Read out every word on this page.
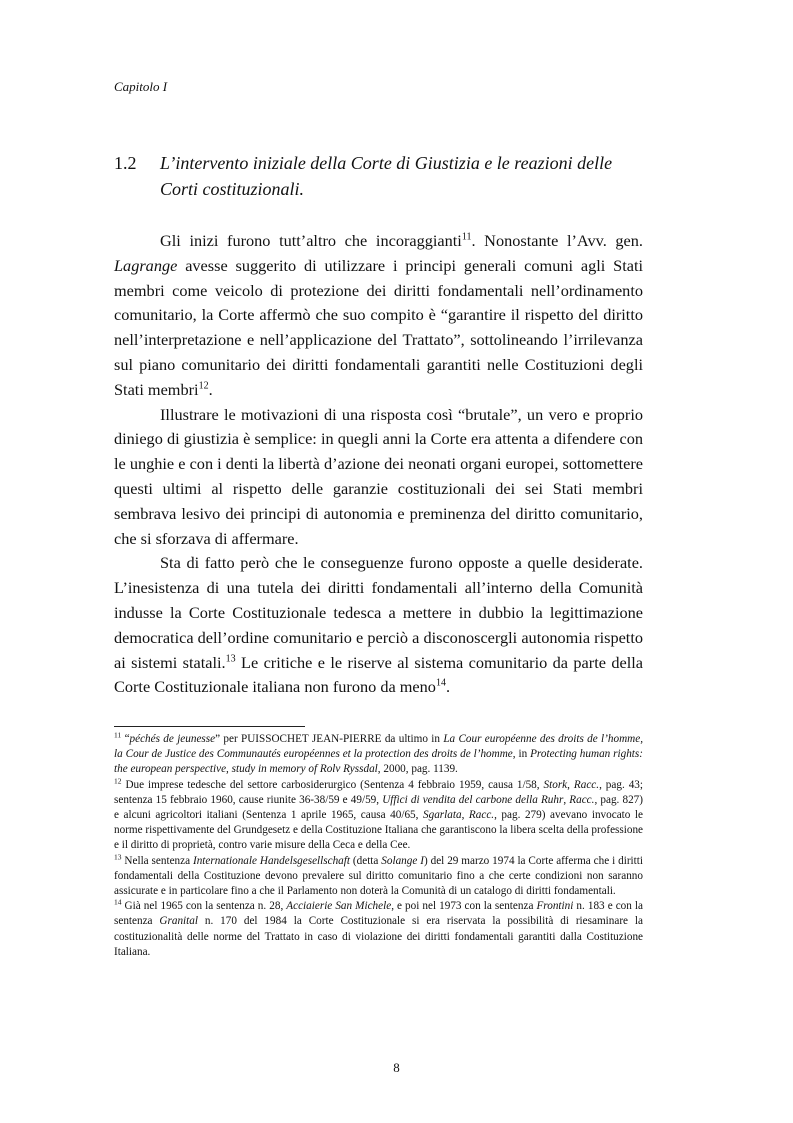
Capitolo I
1.2 L’intervento iniziale della Corte di Giustizia e le reazioni delle Corti costituzionali.

Gli inizi furono tutt’altro che incoraggianti$^{11}$. Nonostante l’Avv. gen. Lagrange avesse suggerito di utilizzare i principi generali comuni agli Stati membri come veicolo di protezione dei diritti fondamentali nell’ordinamento comunitario, la Corte affermò che suo compito è “garantire il rispetto del diritto nell’interpretazione e nell’applicazione del Trattato”, sottolineando l’irrilevanza sul piano comunitario dei diritti fondamentali garantiti nelle Costituzioni degli Stati membri$^{12}$.

Illustrare le motivazioni di una risposta così “brutale”, un vero e proprio diniego di giustizia è semplice: in quegli anni la Corte era attenta a difendere con le unghie e con i denti la libertà d’azione dei neonati organi europei, sottomettere questi ultimi al rispetto delle garanzie costituzionali dei sei Stati membri sembrava lesivo dei principi di autonomia e preminenza del diritto comunitario, che si sforzava di affermare.

Sta di fatto però che le conseguenze furono opposte a quelle desiderate. L’inesistenza di una tutela dei diritti fondamentali all’interno della Comunità indusse la Corte Costituzionale tedesca a mettere in dubbio la legittimazione democratica dell’ordine comunitario e perciò a disconoscergli autonomia rispetto ai sistemi statali.$^{13}$ Le critiche e le riserve al sistema comunitario da parte della Corte Costituzionale italiana non furono da meno$^{14}$.

$^{11}$ “péchés de jeunesse” per PUISSOCHET JEAN-PIERRE da ultimo in La Cour européenne des droits de l’homme, la Cour de Justice des Communautés européennes et la protection des droits de l’homme, in Protecting human rights: the european perspective, study in memory of Rolv Ryssdal, 2000, pag. 1139.

$^{12}$ Due imprese tedesche del settore carbosiderurgico (Sentenza 4 febbraio 1959, causa 1/58, Stork, Racc., pag. 43; sentenza 15 febbraio 1960, cause riunite 36-38/59 e 49/59, Uffici di vendita del carbone della Ruhr, Racc., pag. 827) e alcuni agricoltori italiani (Sentenza 1 aprile 1965, causa 40/65, Sgarlata, Racc., pag. 279) avevano invocato le norme rispettivamente del Grundgesetz e della Costituzione Italiana che garantiscono la libera scelta della professione e il diritto di proprietà, contro varie misure della Ceca e della Cee.

$^{13}$ Nella sentenza Internationale Handelsgesellschaft (detta Solange I) del 29 marzo 1974 la Corte afferma che i diritti fondamentali della Costituzione devono prevalere sul diritto comunitario fino a che certe condizioni non saranno assicurate e in particolare fino a che il Parlamento non doterà la Comunità di un catalogo di diritti fondamentali.

$^{14}$ Già nel 1965 con la sentenza n. 28, Acciaierie San Michele, e poi nel 1973 con la sentenza Frontini n. 183 e con la sentenza Granital n. 170 del 1984 la Corte Costituzionale si era riservata la possibilità di riesaminare la costituzionalità delle norme del Trattato in caso di violazione dei diritti fondamentali garantiti dalla Costituzione Italiana.

8
